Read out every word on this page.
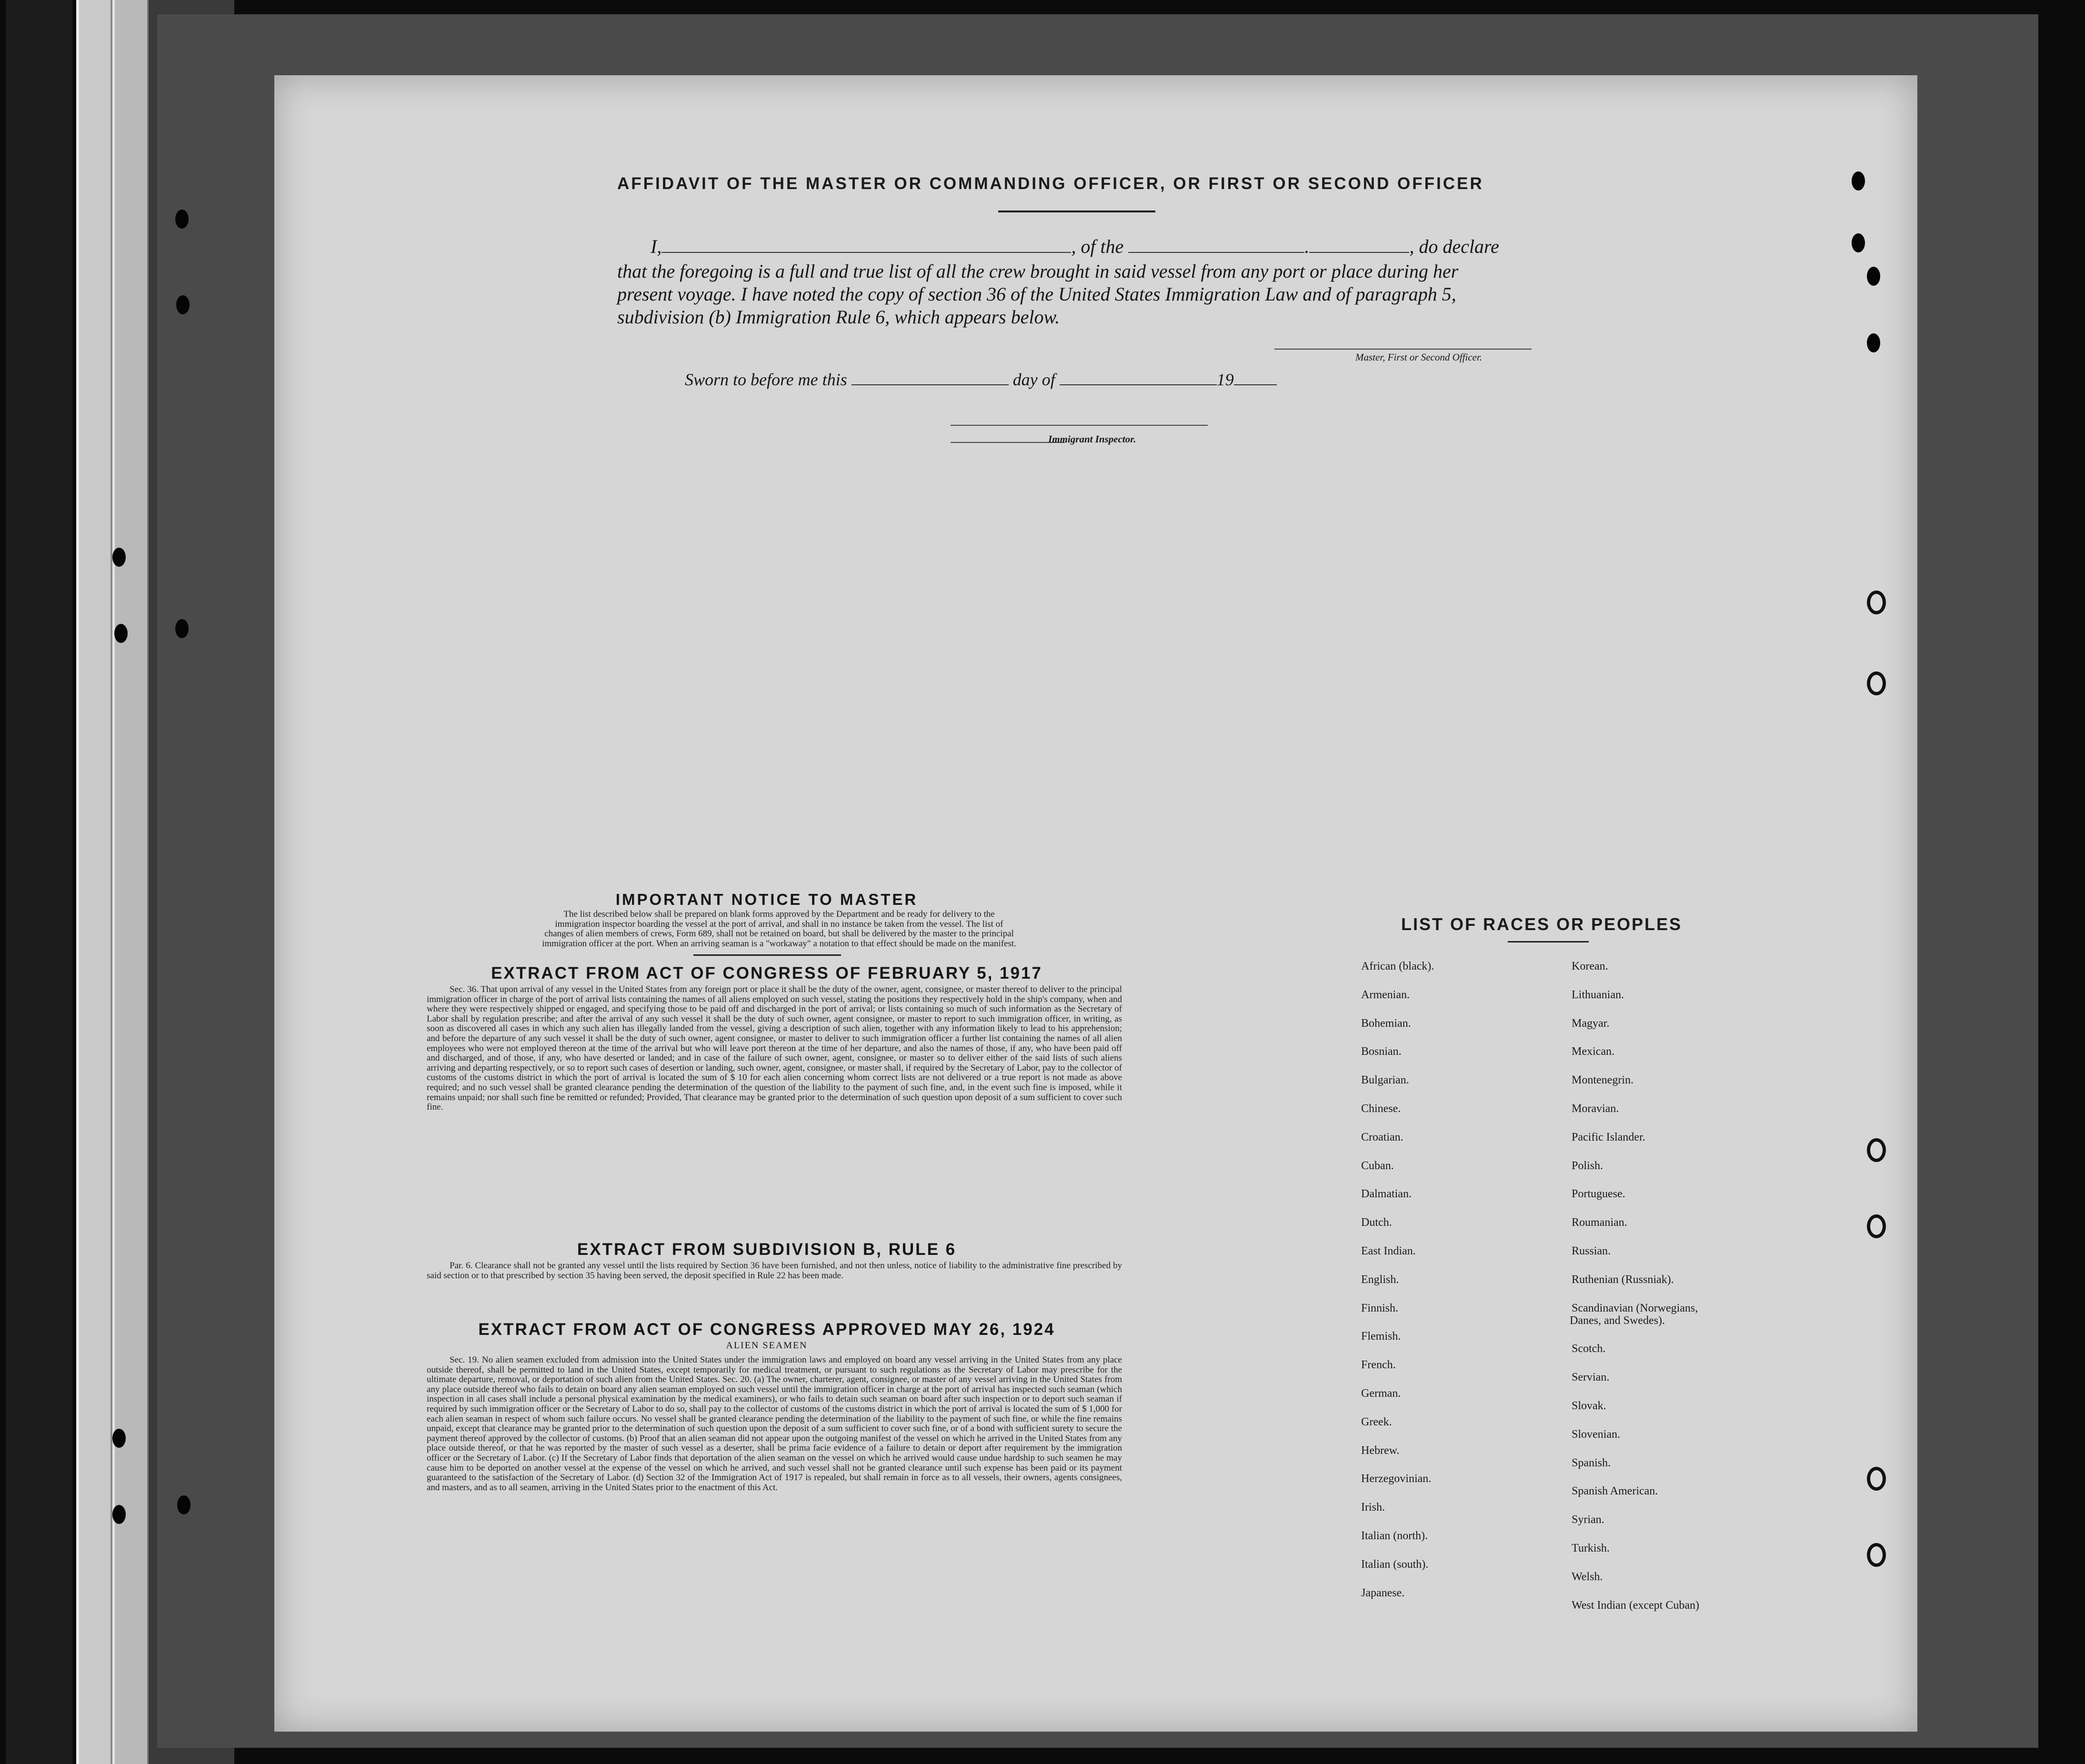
AFFIDAVIT OF THE MASTER OR COMMANDING OFFICER, OR FIRST OR SECOND OFFICER
I,	, of the	.	, do declare
that the foregoing is a full and true list of all the crew brought in said vessel from any port or place during her
present voyage. I have noted the copy of section 36 of the United States Immigration Law and of paragraph 5,
subdivision (b) Immigration Rule 6, which appears below.
Master, First or Second Officer.
Sworn to before me this	day of	19
Immigrant Inspector.
IMPORTANT NOTICE TO MASTER
The list described below shall be prepared on blank forms approved by the Department and be ready for delivery to the
immigration inspector boarding the vessel at the port of arrival, and shall in no instance be taken from the vessel. The list of
changes of alien members of crews, Form 689, shall not be retained on board, but shall be delivered by the master to the principal
immigration officer at the port. When an arriving seaman is a "workaway" a notation to that effect should be made on the manifest.
EXTRACT FROM ACT OF CONGRESS OF FEBRUARY 5, 1917
Sec. 36. That upon arrival of any vessel in the United States from any foreign port or place it shall be the duty of the owner, agent, consignee, or master thereof to deliver to the principal immigration officer in charge of the port of arrival lists containing the names of all aliens employed on such vessel, stating the positions they respectively hold in the ship's company, when and where they were respectively shipped or engaged, and specifying those to be paid off and discharged in the port of arrival; or lists containing so much of such information as the Secretary of Labor shall by regulation prescribe; and after the arrival of any such vessel it shall be the duty of such owner, agent consignee, or master to report to such immigration officer, in writing, as soon as discovered all cases in which any such alien has illegally landed from the vessel, giving a description of such alien, together with any information likely to lead to his apprehension; and before the departure of any such vessel it shall be the duty of such owner, agent consignee, or master to deliver to such immigration officer a further list containing the names of all alien employees who were not employed thereon at the time of the arrival but who will leave port thereon at the time of her departure, and also the names of those, if any, who have been paid off and discharged, and of those, if any, who have deserted or landed; and in case of the failure of such owner, agent, consignee, or master so to deliver either of the said lists of such aliens arriving and departing respectively, or so to report such cases of desertion or landing, such owner, agent, consignee, or master shall, if required by the Secretary of Labor, pay to the collector of customs of the customs district in which the port of arrival is located the sum of $ 10 for each alien concerning whom correct lists are not delivered or a true report is not made as above required; and no such vessel shall be granted clearance pending the determination of the question of the liability to the payment of such fine, and, in the event such fine is imposed, while it remains unpaid; nor shall such fine be remitted or refunded; Provided, That clearance may be granted prior to the determination of such question upon deposit of a sum sufficient to cover such fine.
EXTRACT FROM SUBDIVISION B, RULE 6
Par. 6. Clearance shall not be granted any vessel until the lists required by Section 36 have been furnished, and not then unless, notice of liability to the administrative fine prescribed by said section or to that prescribed by section 35 having been served, the deposit specified in Rule 22 has been made.
EXTRACT FROM ACT OF CONGRESS APPROVED MAY 26, 1924
ALIEN SEAMEN
Sec. 19. No alien seamen excluded from admission into the United States under the immigration laws and employed on board any vessel arriving in the United States from any place outside thereof, shall be permitted to land in the United States, except temporarily for medical treatment, or pursuant to such regulations as the Secretary of Labor may prescribe for the ultimate departure, removal, or deportation of such alien from the United States. Sec. 20. (a) The owner, charterer, agent, consignee, or master of any vessel arriving in the United States from any place outside thereof who fails to detain on board any alien seaman employed on such vessel until the immigration officer in charge at the port of arrival has inspected such seaman (which inspection in all cases shall include a personal physical examination by the medical examiners), or who fails to detain such seaman on board after such inspection or to deport such seaman if required by such immigration officer or the Secretary of Labor to do so, shall pay to the collector of customs of the customs district in which the port of arrival is located the sum of $ 1,000 for each alien seaman in respect of whom such failure occurs. No vessel shall be granted clearance pending the determination of the liability to the payment of such fine, or while the fine remains unpaid, except that clearance may be granted prior to the determination of such question upon the deposit of a sum sufficient to cover such fine, or of a bond with sufficient surety to secure the payment thereof approved by the collector of customs. (b) Proof that an alien seaman did not appear upon the outgoing manifest of the vessel on which he arrived in the United States from any place outside thereof, or that he was reported by the master of such vessel as a deserter, shall be prima facie evidence of a failure to detain or deport after requirement by the immigration officer or the Secretary of Labor. (c) If the Secretary of Labor finds that deportation of the alien seaman on the vessel on which he arrived would cause undue hardship to such seamen he may cause him to be deported on another vessel at the expense of the vessel on which he arrived, and such vessel shall not be granted clearance until such expense has been paid or its payment guaranteed to the satisfaction of the Secretary of Labor. (d) Section 32 of the Immigration Act of 1917 is repealed, but shall remain in force as to all vessels, their owners, agents consignees, and masters, and as to all seamen, arriving in the United States prior to the enactment of this Act.
LIST OF RACES OR PEOPLES
African (black).
Armenian.
Bohemian.
Bosnian.
Bulgarian.
Chinese.
Croatian.
Cuban.
Dalmatian.
Dutch.
East Indian.
English.
Finnish.
Flemish.
French.
German.
Greek.
Hebrew.
Herzegovinian.
Irish.
Italian (north).
Italian (south).
Japanese.
Korean.
Lithuanian.
Magyar.
Mexican.
Montenegrin.
Moravian.
Pacific Islander.
Polish.
Portuguese.
Roumanian.
Russian.
Ruthenian (Russniak).
Scandinavian (Norwegians,
Danes, and Swedes).
Scotch.
Servian.
Slovak.
Slovenian.
Spanish.
Spanish American.
Syrian.
Turkish.
Welsh.
West Indian (except Cuban)
